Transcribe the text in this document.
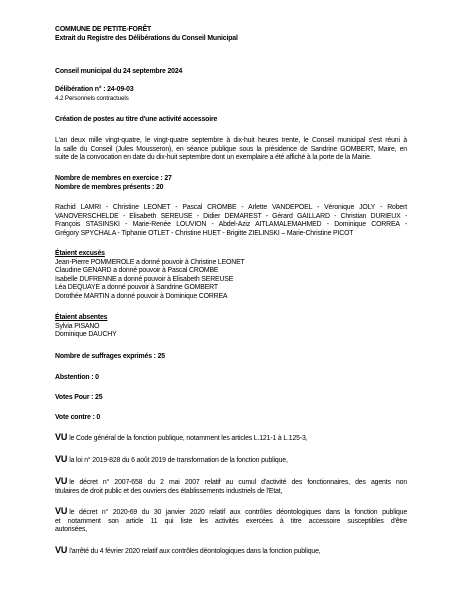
COMMUNE DE PETITE-FORÊT
Extrait du Registre des Délibérations du Conseil Municipal
Conseil municipal du 24 septembre 2024
Délibération n° : 24-09-03
4.2 Personnels contractuels
Création de postes au titre d'une activité accessoire
L'an deux mille vingt-quatre, le vingt-quatre septembre à dix-huit heures trente, le Conseil municipal s'est réuni à
la salle du Conseil (Jules Mousseron), en séance publique sous la présidence de Sandrine GOMBERT, Maire, en
suite de la convocation en date du dix-huit septembre dont un exemplaire a été affiché à la porte de la Mairie.
Nombre de membres en exercice : 27
Nombre de membres présents : 20
Rachid LAMRI - Christine LEONET - Pascal CROMBE - Arlette VANDEPOEL - Véronique JOLY - Robert
VANOVERSCHELDE - Elisabeth SEREUSE - Didier DEMAREST - Gérard GAILLARD - Christian DURIEUX -
François STASINSKI - Marie-Renée LOUVION - Abdel-Aziz AITLAMALEMAHMED - Dominique CORREA -
Grégory SPYCHALA - Tiphanie OTLET - Christine HUET - Brigitte ZIELINSKI – Marie-Christine PICOT
Étaient excusés
Jean-Pierre POMMEROLE a donné pouvoir à Christine LEONET
Claudine GENARD a donné pouvoir à Pascal CROMBE
Isabelle DUFRENNE a donné pouvoir à Elisabeth SEREUSE
Léa DEQUAYE a donné pouvoir à Sandrine GOMBERT
Dorothée MARTIN a donné pouvoir à Dominique CORREA
Étaient absentes
Sylvia PISANO
Dominique DAUCHY
Nombre de suffrages exprimés : 25
Abstention : 0
Votes Pour : 25
Vote contre : 0
VU le Code général de la fonction publique, notamment les articles L.121-1 à L.125-3,
VU la loi n° 2019-828 du 6 août 2019 de transformation de la fonction publique,
VU le décret n° 2007-658 du 2 mai 2007 relatif au cumul d'activité des fonctionnaires, des agents non
titulaires de droit public et des ouvriers des établissements industriels de l'Etat,
VU le décret n° 2020-69 du 30 janvier 2020 relatif aux contrôles déontologiques dans la fonction publique
et notamment son article 11 qui liste les activités exercées à titre accessoire susceptibles d'être
autorisées,
VU l'arrêté du 4 février 2020 relatif aux contrôles déontologiques dans la fonction publique,
